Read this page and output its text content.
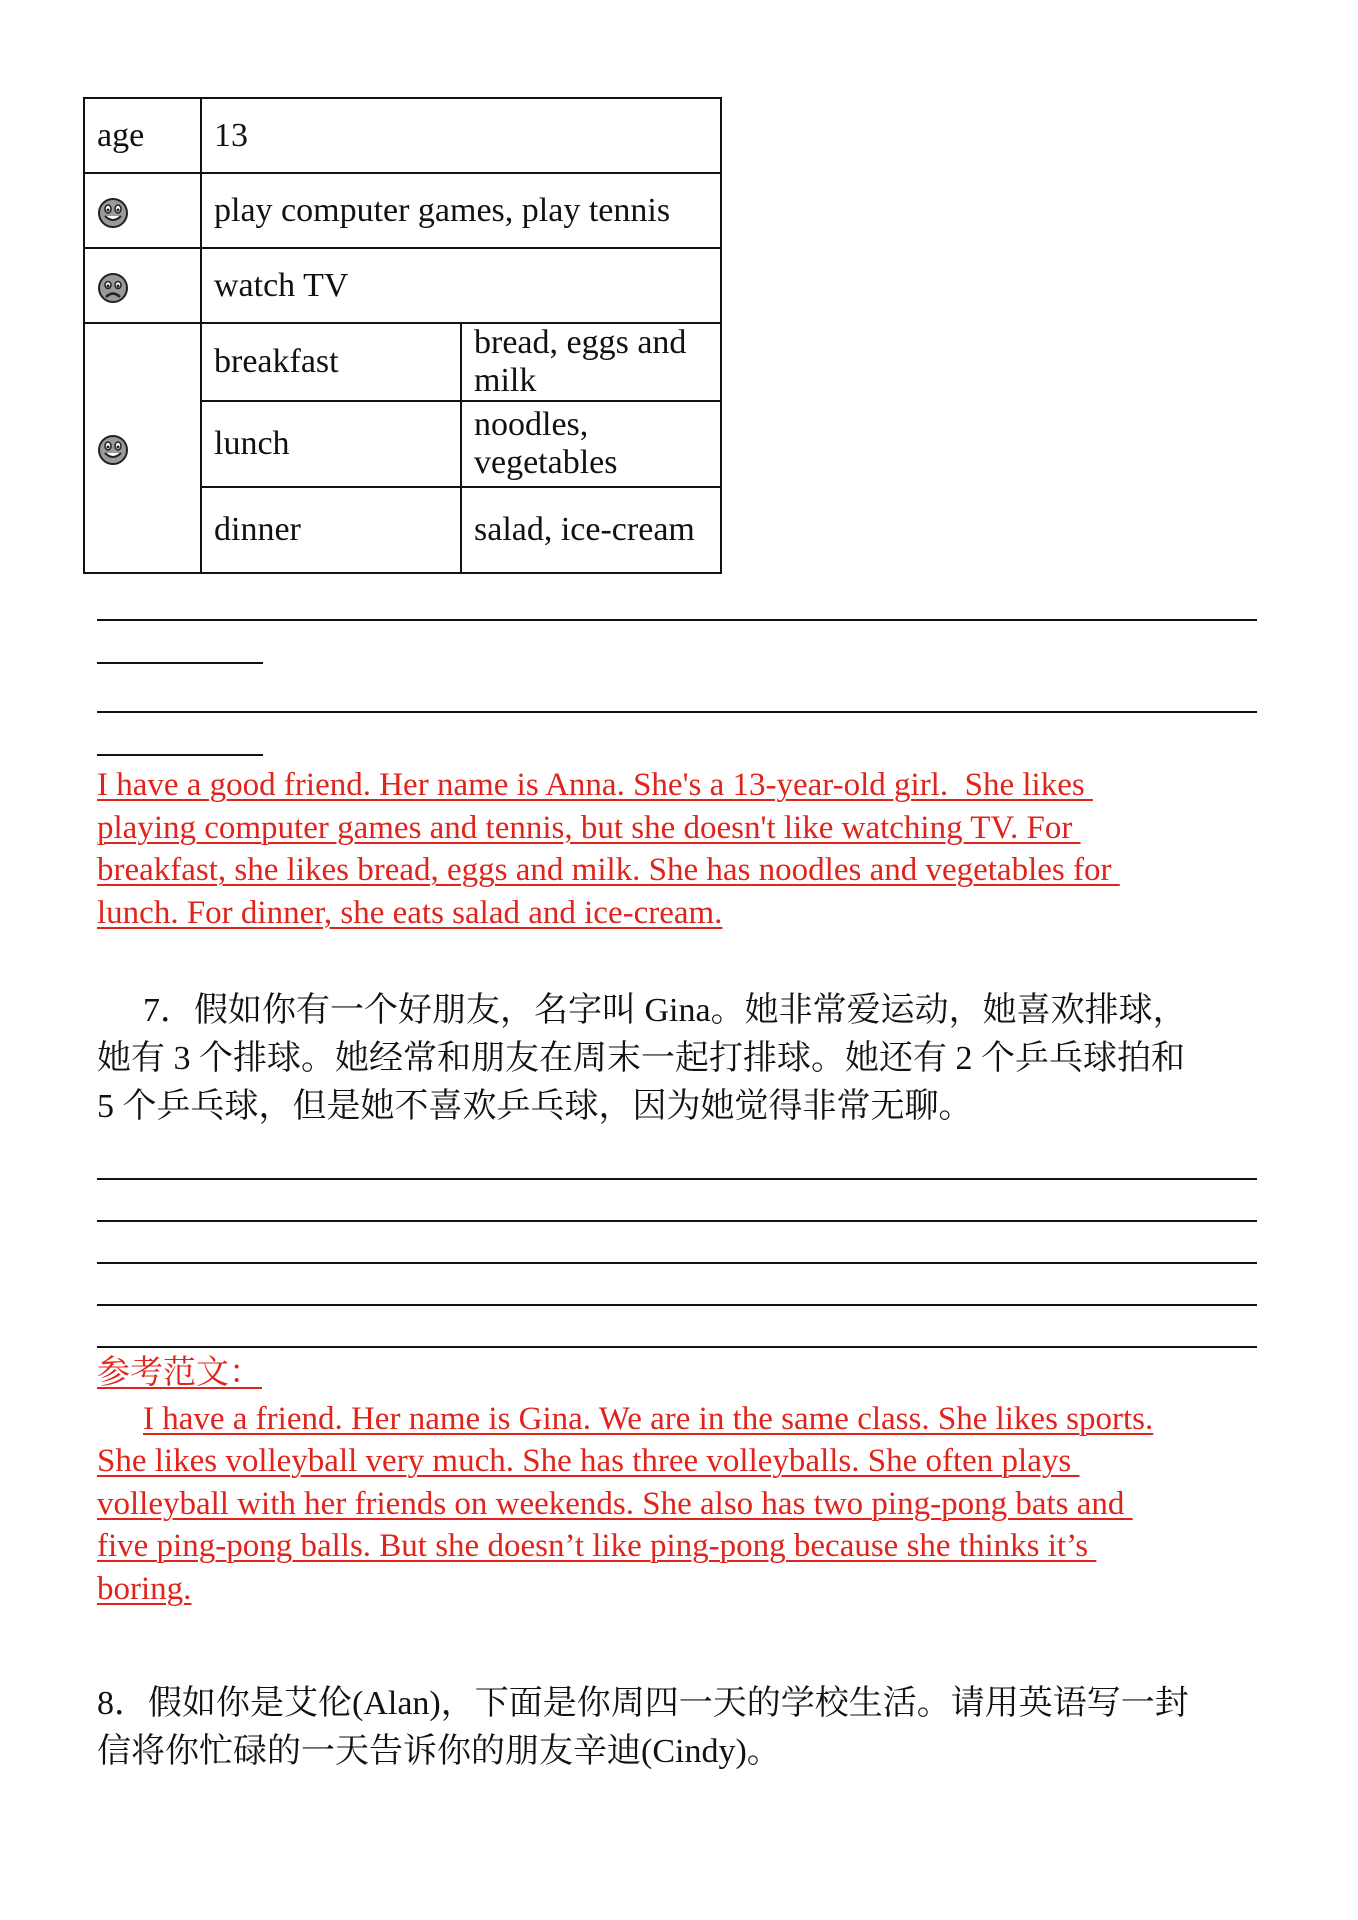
age	13	
	play computer games, play tennis	
	watch TV	
	breakfast	bread, eggs and milk
	lunch	noodles, vegetables
	dinner	salad, ice-cream
I have a good friend. Her name is Anna. She's a 13-year-old girl.  She likes
playing computer games and tennis, but she doesn't like watching TV. For
breakfast, she likes bread, eggs and milk. She has noodles and vegetables for
lunch. For dinner, she eats salad and ice-cream.
7．假如你有一个好朋友，名字叫 Gina。她非常爱运动，她喜欢排球，
她有 3 个排球。她经常和朋友在周末一起打排球。她还有 2 个乒乓球拍和
5 个乒乓球，但是她不喜欢乒乓球，因为她觉得非常无聊。
参考范文：
I have a friend. Her name is Gina. We are in the same class. She likes sports.
She likes volleyball very much. She has three volleyballs. She often plays
volleyball with her friends on weekends. She also has two ping-pong bats and
five ping-pong balls. But she doesn’t like ping-pong because she thinks it’s
boring.
8．假如你是艾伦(Alan)，下面是你周四一天的学校生活。请用英语写一封
信将你忙碌的一天告诉你的朋友辛迪(Cindy)。
